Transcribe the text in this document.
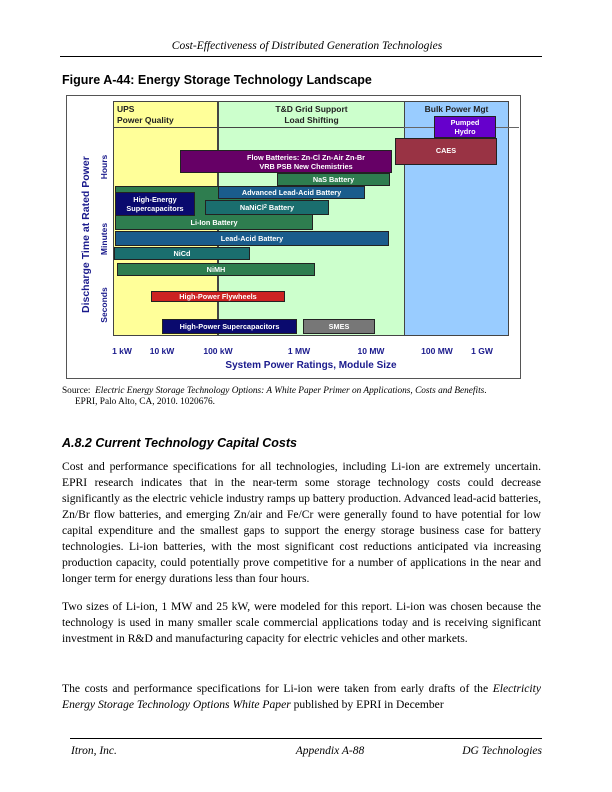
Cost-Effectiveness of Distributed Generation Technologies
Figure A-44: Energy Storage Technology Landscape
UPS
Power Quality
T&D Grid Support
Load Shifting
Bulk Power Mgt
Pumped
Hydro
CAES
Flow Batteries: Zn-Cl Zn-Air Zn-Br
VRB PSB New Chemistries
NaS Battery
Li-Ion Battery
Advanced Lead-Acid Battery
High-Energy
Supercapacitors	NaNiCl 2 Battery
Lead-Acid Battery
NiCd
NiMH
High-Power Flywheels
High-Power Supercapacitors	SMES
Discharge Time at Rated Power Hours
Minutes
Seconds
1 kW 10 kW	100 kW	1 MW	10 MW	100 MW 1 GW
System Power Ratings, Module Size
Source:  Electric Energy Storage Technology Options: A White Paper Primer on Applications, Costs and Benefits.
EPRI, Palo Alto, CA, 2010. 1020676.
A.8.2 Current Technology Capital Costs
Cost and performance specifications for all technologies, including Li-ion are extremely uncertain. EPRI research indicates that in the near-term some storage technology costs could decrease significantly as the electric vehicle industry ramps up battery production. Advanced lead-acid batteries, Zn/Br flow batteries, and emerging Zn/air and Fe/Cr were generally found to have potential for low capital expenditure and the smallest gaps to support the energy storage business case for battery technologies. Li-ion batteries, with the most significant cost reductions anticipated via increasing production capacity, could potentially prove competitive for a number of applications in the near and longer term for energy durations less than four hours.
Two sizes of Li-ion, 1 MW and 25 kW, were modeled for this report. Li-ion was chosen because the technology is used in many smaller scale commercial applications today and is receiving significant investment in R&D and manufacturing capacity for electric vehicles and other markets.
The costs and performance specifications for Li-ion were taken from early drafts of the Electricity Energy Storage Technology Options White Paper published by EPRI in December
Itron, Inc.	Appendix A-88	DG Technologies
